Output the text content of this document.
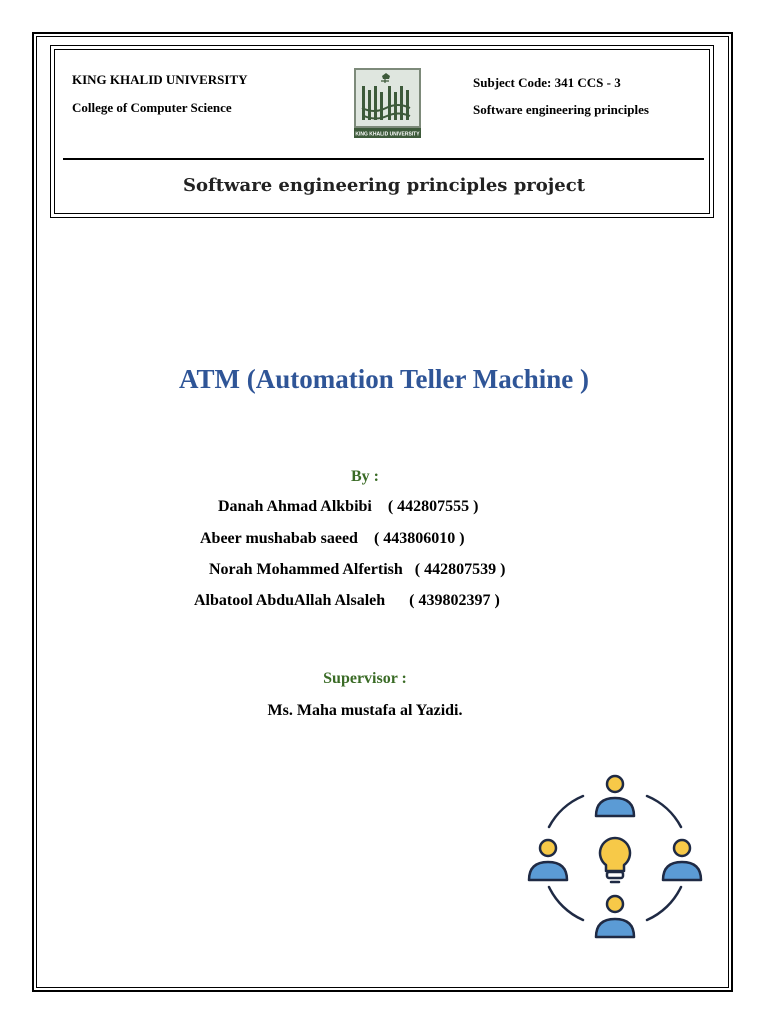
KING KHALID UNIVERSITY
College of Computer Science
Subject Code: 341 CCS - 3
Software engineering principles
KING KHALID UNIVERSITY
Software engineering principles project
ATM (Automation Teller Machine )
By :
Danah Ahmad Alkbibi    ( 442807555 )
Abeer mushabab saeed    ( 443806010 )
Norah Mohammed Alfertish   ( 442807539 )
Albatool AbduAllah Alsaleh      ( 439802397 )
Supervisor :
Ms. Maha mustafa al Yazidi.
